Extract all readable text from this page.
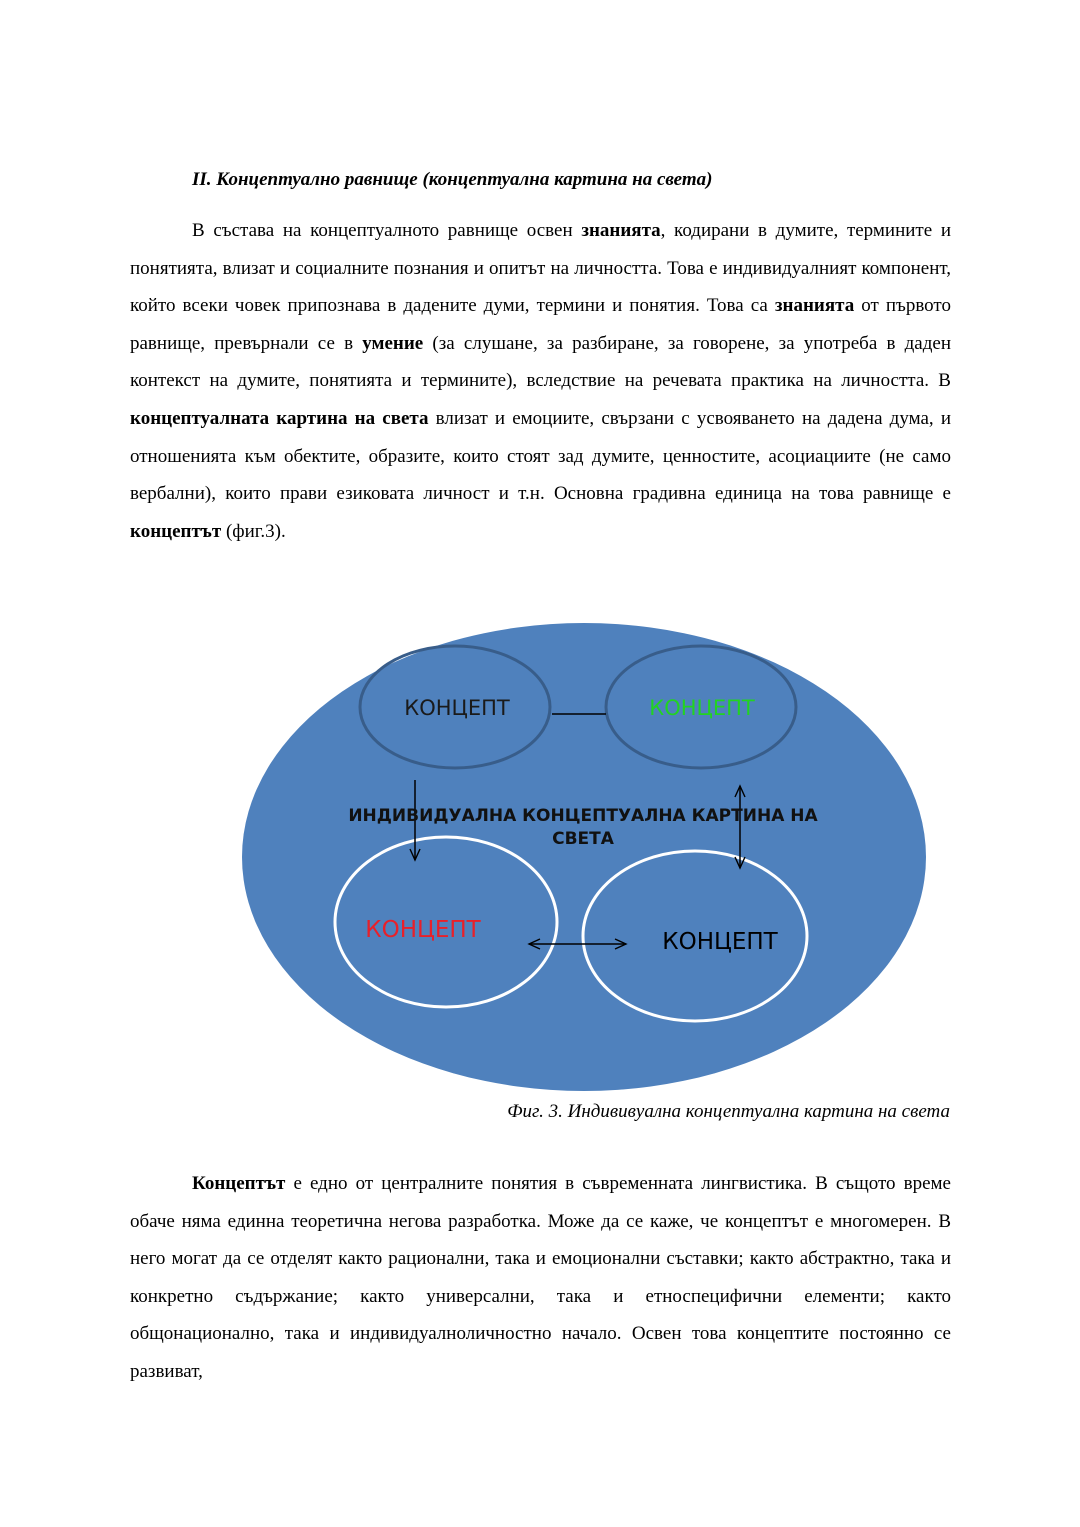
II. Концептуално равнище (концептуална картина на света)

В състава на концептуалното равнище освен знанията, кодирани в думите, термините и понятията, влизат и социалните познания и опитът на личността. Това е индивидуалният компонент, който всеки човек припознава в дадените думи, термини и понятия. Това са знанията от първото равнище, превърнали се в умение (за слушане, за разбиране, за говорене, за употреба в даден контекст на думите, понятията и термините), вследствие на речевата практика на личността. В концептуалната картина на света влизат и емоциите, свързани с усвояването на дадена дума, и отношенията към обектите, образите, които стоят зад думите, ценностите, асоциациите (не само вербални), които прави езиковата личност и т.н. Основна градивна единица на това равнище е концептът (фиг.3).

КОНЦЕПТ	КОНЦЕПТ
КОНЦЕПТ	КОНЦЕПТ
ИНДИВИДУАЛНА КОНЦЕПТУАЛНА КАРТИНА НА
СВЕТА
Фиг. 3. Индививуална концептуална картина на света

Концептът е едно от централните понятия в съвременната лингвистика. В същото време обаче няма единна теоретична негова разработка. Може да се каже, че концептът е многомерен. В него могат да се отделят както рационални, така и емоционални съставки; както абстрактно, така и конкретно съдържание; както универсални, така и етноспецифични елементи; както общонационално, така и индивидуалноличностно начало. Освен това концептите постоянно се развиват,
